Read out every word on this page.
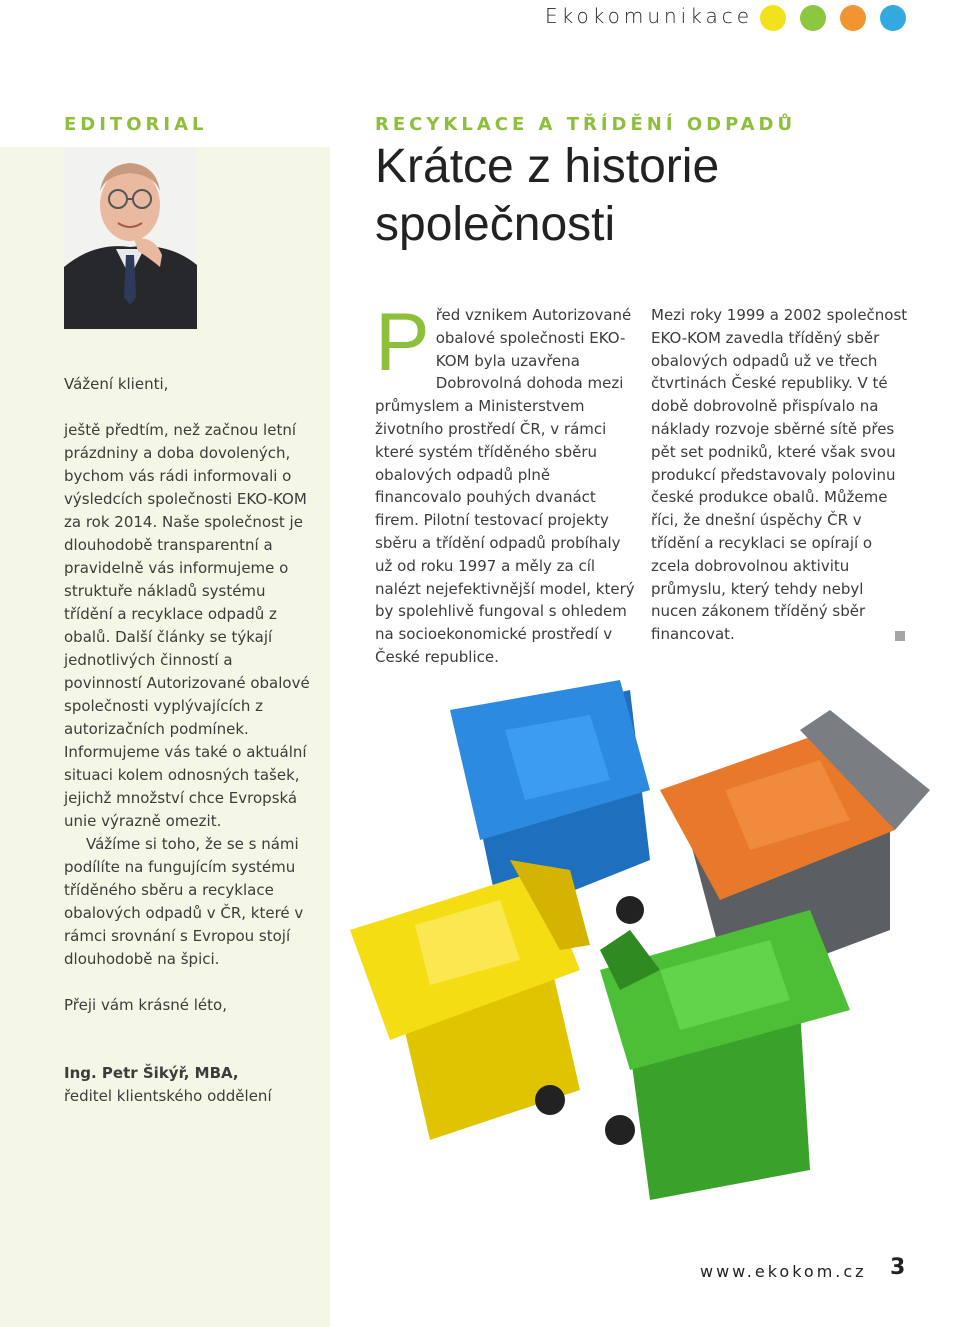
Ekokomunikace
EDITORIAL

Vážení klienti,

ještě předtím, než začnou letní prázdniny a doba dovolených, bychom vás rádi informovali o výsledcích společnosti EKO-KOM za rok 2014. Naše společnost je dlouhodobě transparentní a pravidelně vás informujeme o struktuře nákladů systému třídění a recyklace odpadů z obalů. Další články se týkají jednotlivých činností a povinností Autorizované obalové společnosti vyplývajících z autorizačních podmínek. Informujeme vás také o aktuální situaci kolem odnosných tašek, jejichž množství chce Evropská unie výrazně omezit.

Vážíme si toho, že se s námi podílíte na fungujícím systému tříděného sběru a recyklace obalových odpadů v ČR, které v rámci srovnání s Evropou stojí dlouhodobě na špici.

Přeji vám krásné léto,

Ing. Petr Šikýř, MBA,

ředitel klientského oddělení

RECYKLACE A TŘÍDĚNÍ ODPADŮ
Krátce z historie
společnosti

Před vznikem Autorizované obalové společnosti EKO-KOM byla uzavřena Dobrovolná dohoda mezi průmyslem a Ministerstvem životního prostředí ČR, v rámci které systém tříděného sběru obalových odpadů plně financovalo pouhých dvanáct firem. Pilotní testovací projekty sběru a třídění odpadů probíhaly už od roku 1997 a měly za cíl nalézt nejefektivnější model, který by spolehlivě fungoval s ohledem na socioekonomické prostředí v České republice.

Mezi roky 1999 a 2002 společnost EKO-KOM zavedla tříděný sběr obalových odpadů už ve třech čtvrtinách České republiky. V té době dobrovolně přispívalo na náklady rozvoje sběrné sítě přes pět set podniků, které však svou produkcí představovaly polovinu české produkce obalů. Můžeme říci, že dnešní úspěchy ČR v třídění a recyklaci se opírají o zcela dobrovolnou aktivitu průmyslu, který tehdy nebyl nucen zákonem tříděný sběr financovat.

www.ekokom.cz 3
